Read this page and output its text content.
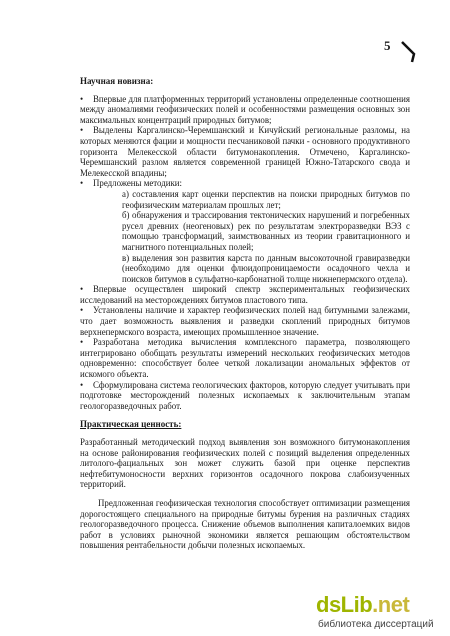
5

Научная новизна:

• Впервые для платформенных территорий установлены определенные соотношения между аномалиями геофизических полей и особенностями размещения основных зон максимальных концентраций природных битумов;

• Выделены Каргалинско-Черемшанский и Кичуйский региональные разломы, на которых меняются фации и мощности песчаниковой пачки - основного продуктивного горизонта Мелекесской области битумонакопления. Отмечено, Каргалинско-Черемшанский разлом является современной границей Южно-Татарского свода и Мелекесской впадины;

• Предложены методики:

а) составления карт оценки перспектив на поиски природных битумов по геофизическим материалам прошлых лет;

б) обнаружения и трассирования тектонических нарушений и погребенных русел древних (неогеновых) рек по результатам электроразведки ВЭЗ с помощью трансформаций, заимствованных из теории гравитационного и магнитного потенциальных полей;

в) выделения зон развития карста по данным высокоточной гравиразведки (необходимо для оценки флюидопроницаемости осадочного чехла и поисков битумов в сульфатно-карбонатной толще нижнепермского отдела).

• Впервые осуществлен широкий спектр экспериментальных геофизических исследований на месторождениях битумов пластового типа.

• Установлены наличие и характер геофизических полей над битумными залежами, что дает возможность выявления и разведки скоплений природных битумов верхнепермского возраста, имеющих промышленное значение.

• Разработана методика вычисления комплексного параметра, позволяющего интегрировано обобщать результаты измерений нескольких геофизических методов одновременно: способствует более четкой локализации аномальных эффектов от искомого объекта.

• Сформулирована система геологических факторов, которую следует учитывать при подготовке месторождений полезных ископаемых к заключительным этапам геологоразведочных работ.

Практическая ценность:

Разработанный методический подход выявления зон возможного битумонакопления на основе районирования геофизических полей с позиций выделения определенных литолого-фациальных зон может служить базой при оценке перспектив нефтебитумоносности верхних горизонтов осадочного покрова слабоизученных территорий.

Предложенная геофизическая технология способствует оптимизации размещения дорогостоящего специального на природные битумы бурения на различных стадиях геологоразведочного процесса. Снижение объемов выполнения капиталоемких видов работ в условиях рыночной экономики является решающим обстоятельством повышения рентабельности добычи полезных ископаемых.

dsLib.net
библиотека диссертаций
